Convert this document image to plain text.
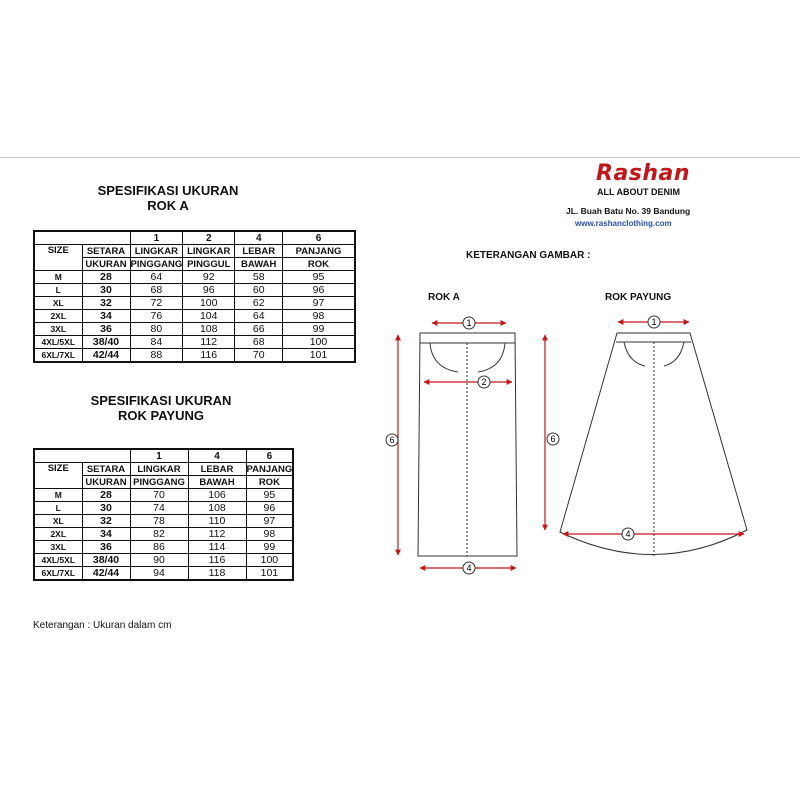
SPESIFIKASI UKURAN
ROK A
		1	2	4	6
SIZE	SETARA	LINGKAR	LINGKAR	LEBAR	PANJANG
	UKURAN	PINGGANG	PINGGUL	BAWAH	ROK
M	28	64	92	58	95
L	30	68	96	60	96
XL	32	72	100	62	97
2XL	34	76	104	64	98
3XL	36	80	108	66	99
4XL/5XL	38/40	84	112	68	100
6XL/7XL	42/44	88	116	70	101
SPESIFIKASI UKURAN
ROK PAYUNG
		1	4	6
SIZE	SETARA	LINGKAR	LEBAR	PANJANG
	UKURAN	PINGGANG	BAWAH	ROK
M	28	70	106	95
L	30	74	108	96
XL	32	78	110	97
2XL	34	82	112	98
3XL	36	86	114	99
4XL/5XL	38/40	90	116	100
6XL/7XL	42/44	94	118	101
Keterangan : Ukuran dalam cm
Rashan
ALL ABOUT DENIM
JL. Buah Batu No. 39 Bandung
www.rashanclothing.com
KETERANGAN GAMBAR :
ROK A	ROK PAYUNG
1
2
6
4
1
6
4
